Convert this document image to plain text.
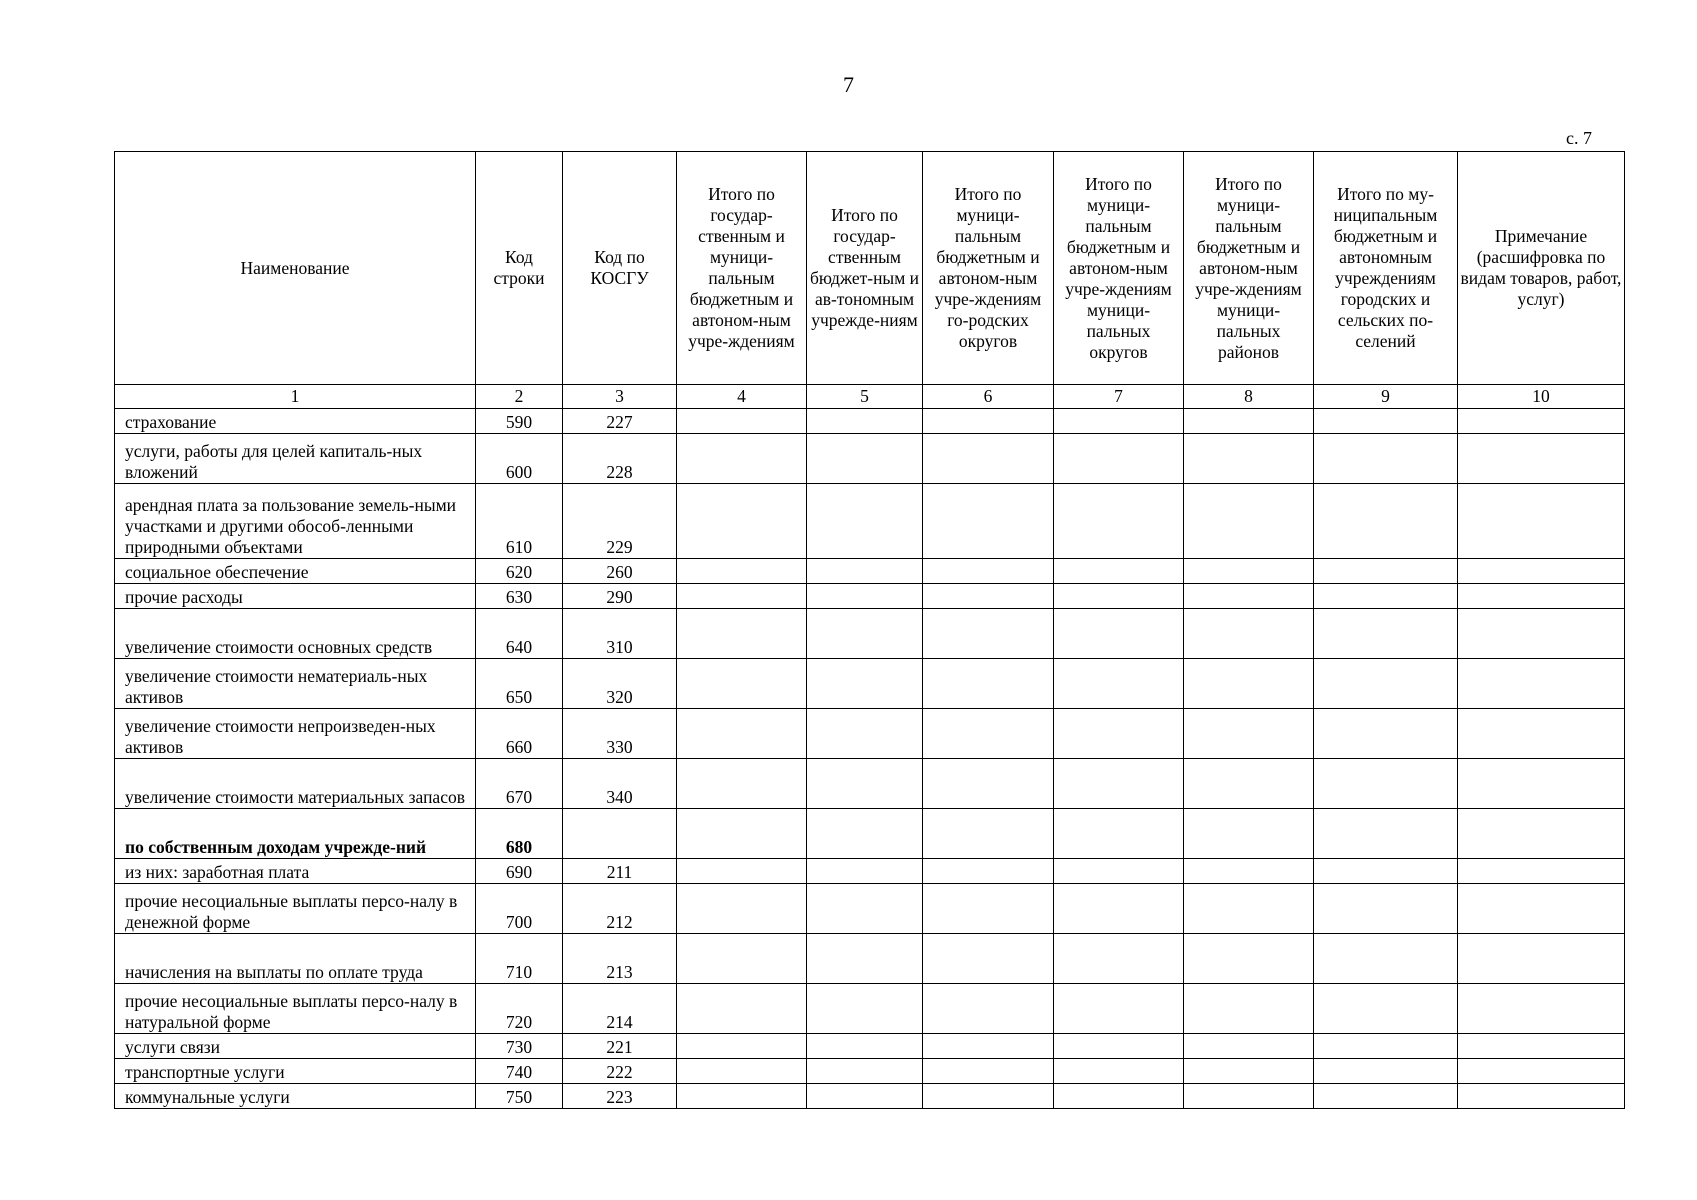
7
с. 7
Наименование	Код строки	Код по КОСГУ	Итого по государ-ственным и муници-пальным бюджетным и автоном-ным учре-ждениям	Итого по государ-ственным бюджет-ным и ав-тономным учрежде-ниям	Итого по муници-пальным бюджетным и автоном-ным учре-ждениям го-родских округов	Итого по муници-пальным бюджетным и автоном-ным учре-ждениям муници-пальных округов	Итого по муници-пальным бюджетным и автоном-ным учре-ждениям муници-пальных районов	Итого по му-ниципальным бюджетным и автономным учреждениям городских и сельских по-селений	Примечание (расшифровка по видам товаров, работ, услуг)
1	2	3	4	5	6	7	8	9	10
страхование	590	227							
услуги, работы для целей капиталь-ных вложений	600	228							
арендная плата за пользование земель-ными участками и другими обособ-ленными природными объектами	610	229							
социальное обеспечение	620	260							
прочие расходы	630	290							
увеличение стоимости основных средств	640	310							
увеличение стоимости нематериаль-ных активов	650	320							
увеличение стоимости непроизведен-ных активов	660	330							
увеличение стоимости материальных запасов	670	340							
по собственным доходам учрежде-ний	680								
из них: заработная плата	690	211							
прочие несоциальные выплаты персо-налу в денежной форме	700	212							
начисления на выплаты по оплате труда	710	213							
прочие несоциальные выплаты персо-налу в натуральной форме	720	214							
услуги связи	730	221							
транспортные услуги	740	222							
коммунальные услуги	750	223							
